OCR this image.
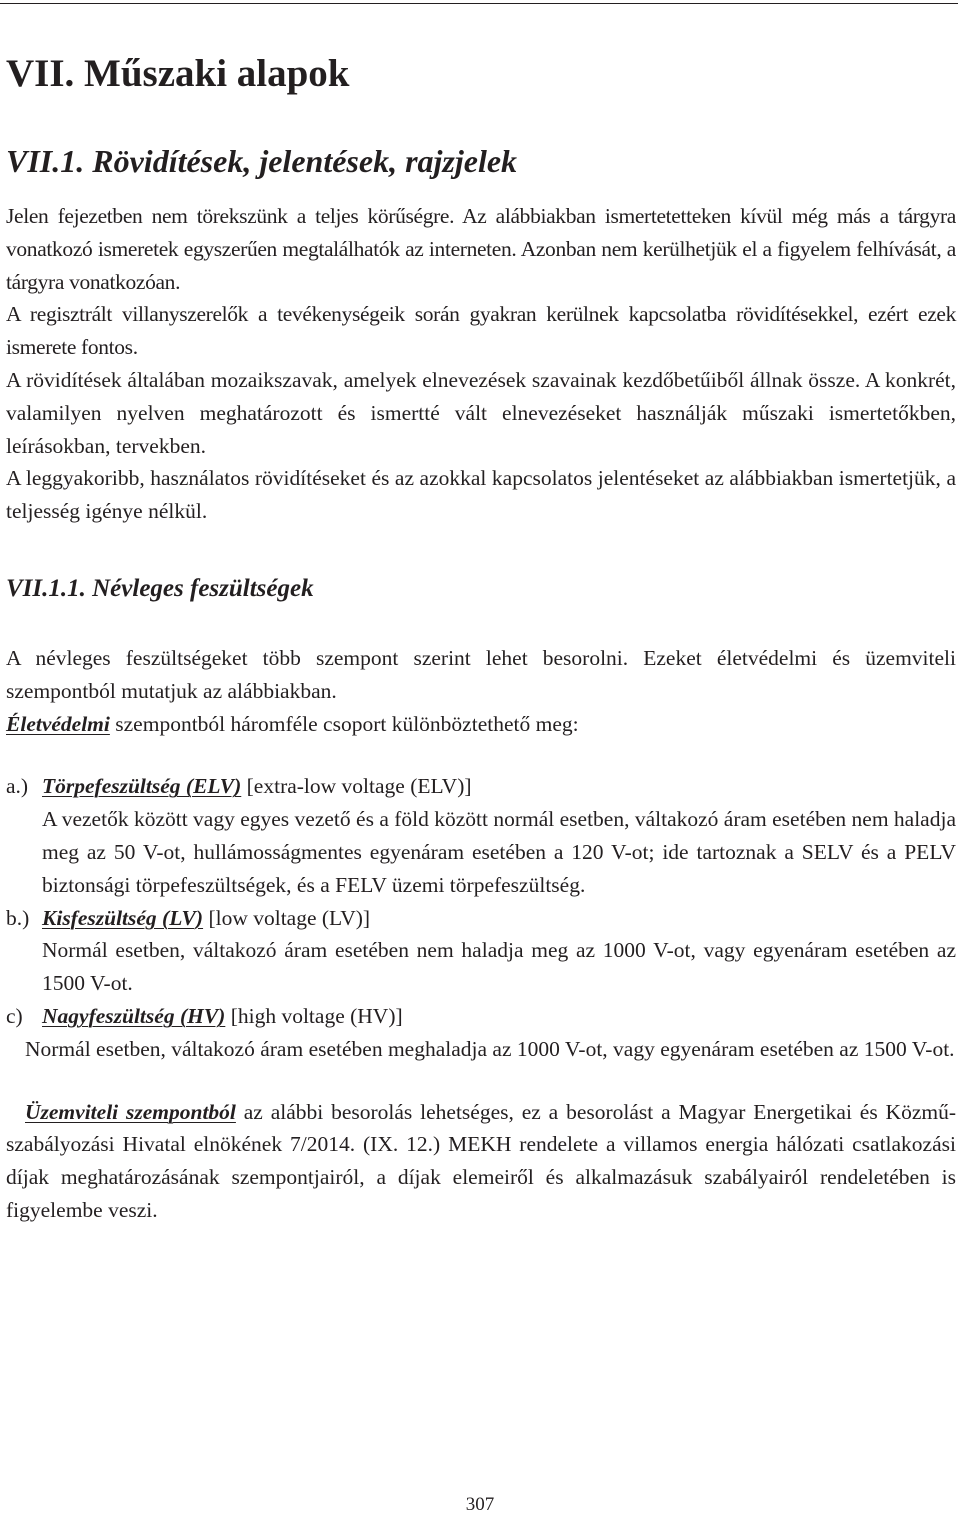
VII. Műszaki alapok
VII.1. Rövidítések, jelentések, rajzjelek

Jelen fejezetben nem törekszünk a teljes körűségre. Az alábbiakban ismertetetteken kívül még más a tárgyra vonatkozó ismeretek egyszerűen megtalálhatók az interneten. Azonban nem kerülhetjük el a figyelem felhívását, a tárgyra vonatkozóan.

A regisztrált villanyszerelők a tevékenységeik során gyakran kerülnek kapcsolatba rövidítésekkel, ezért ezek ismerete fontos.

A rövidítések általában mozaikszavak, amelyek elnevezések szavainak kezdőbetűiből állnak össze. A konkrét, valamilyen nyelven meghatározott és ismertté vált elnevezéseket használják műszaki ismertetőkben, leírásokban, tervekben.

A leggyakoribb, használatos rövidítéseket és az azokkal kapcsolatos jelentéseket az alábbiakban ismertetjük, a teljesség igénye nélkül.

VII.1.1. Névleges feszültségek

A névleges feszültségeket több szempont szerint lehet besorolni. Ezeket életvédelmi és üzemviteli szempontból mutatjuk az alábbiakban.

Életvédelmi szempontból háromféle csoport különböztethető meg:

a.) Törpefeszültség (ELV) [extra-low voltage (ELV)]

A vezetők között vagy egyes vezető és a föld között normál esetben, váltakozó áram esetében nem haladja meg az 50 V-ot, hullámosságmentes egyenáram esetében a 120 V-ot; ide tartoznak a SELV és a PELV biztonsági törpefeszültségek, és a FELV üzemi törpefeszültség.

b.) Kisfeszültség (LV) [low voltage (LV)]

Normál esetben, váltakozó áram esetében nem haladja meg az 1000 V-ot, vagy egyenáram esetében az 1500 V-ot.

c) Nagyfeszültség (HV) [high voltage (HV)]

Normál esetben, váltakozó áram esetében meghaladja az 1000 V-ot, vagy egyenáram esetében az 1500 V-ot.

Üzemviteli szempontból az alábbi besorolás lehetséges, ez a besorolást a Magyar Energetikai és Közmű-szabályozási Hivatal elnökének 7/2014. (IX. 12.) MEKH rendelete a villamos energia hálózati csatlakozási díjak meghatározásának szempontjairól, a díjak elemeiről és alkalmazásuk szabályairól rendeletében is figyelembe veszi.

307
